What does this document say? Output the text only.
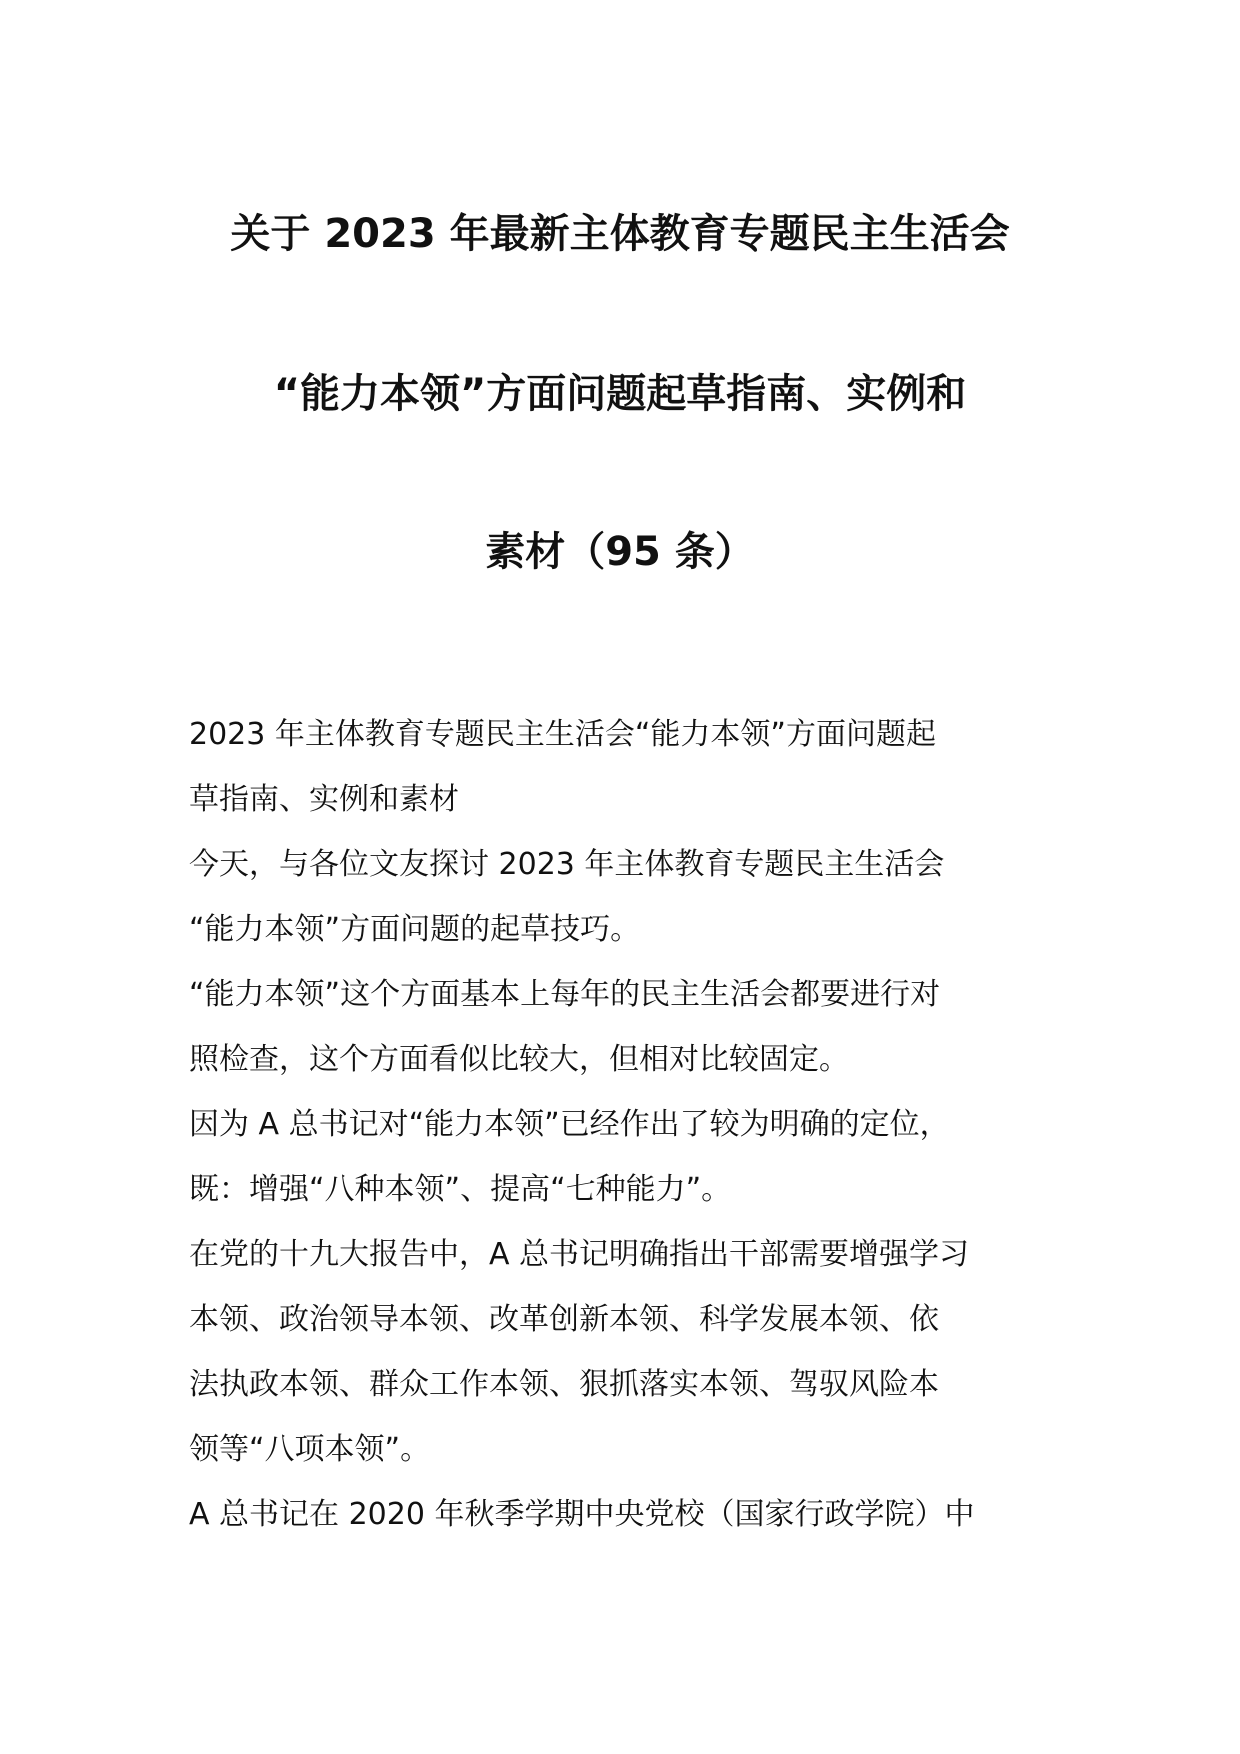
关于 2023 年最新主体教育专题民主生活会
“能力本领”方面问题起草指南、实例和
素材（95 条）
2023 年主体教育专题民主生活会“能力本领”方面问题起
草指南、实例和素材
今天，与各位文友探讨 2023 年主体教育专题民主生活会
“能力本领”方面问题的起草技巧。
“能力本领”这个方面基本上每年的民主生活会都要进行对
照检查，这个方面看似比较大，但相对比较固定。
因为 A 总书记对“能力本领”已经作出了较为明确的定位，
既：增强“八种本领”、提高“七种能力”。
在党的十九大报告中，A 总书记明确指出干部需要增强学习
本领、政治领导本领、改革创新本领、科学发展本领、依
法执政本领、群众工作本领、狠抓落实本领、驾驭风险本
领等“八项本领”。
A 总书记在 2020 年秋季学期中央党校（国家行政学院）中
